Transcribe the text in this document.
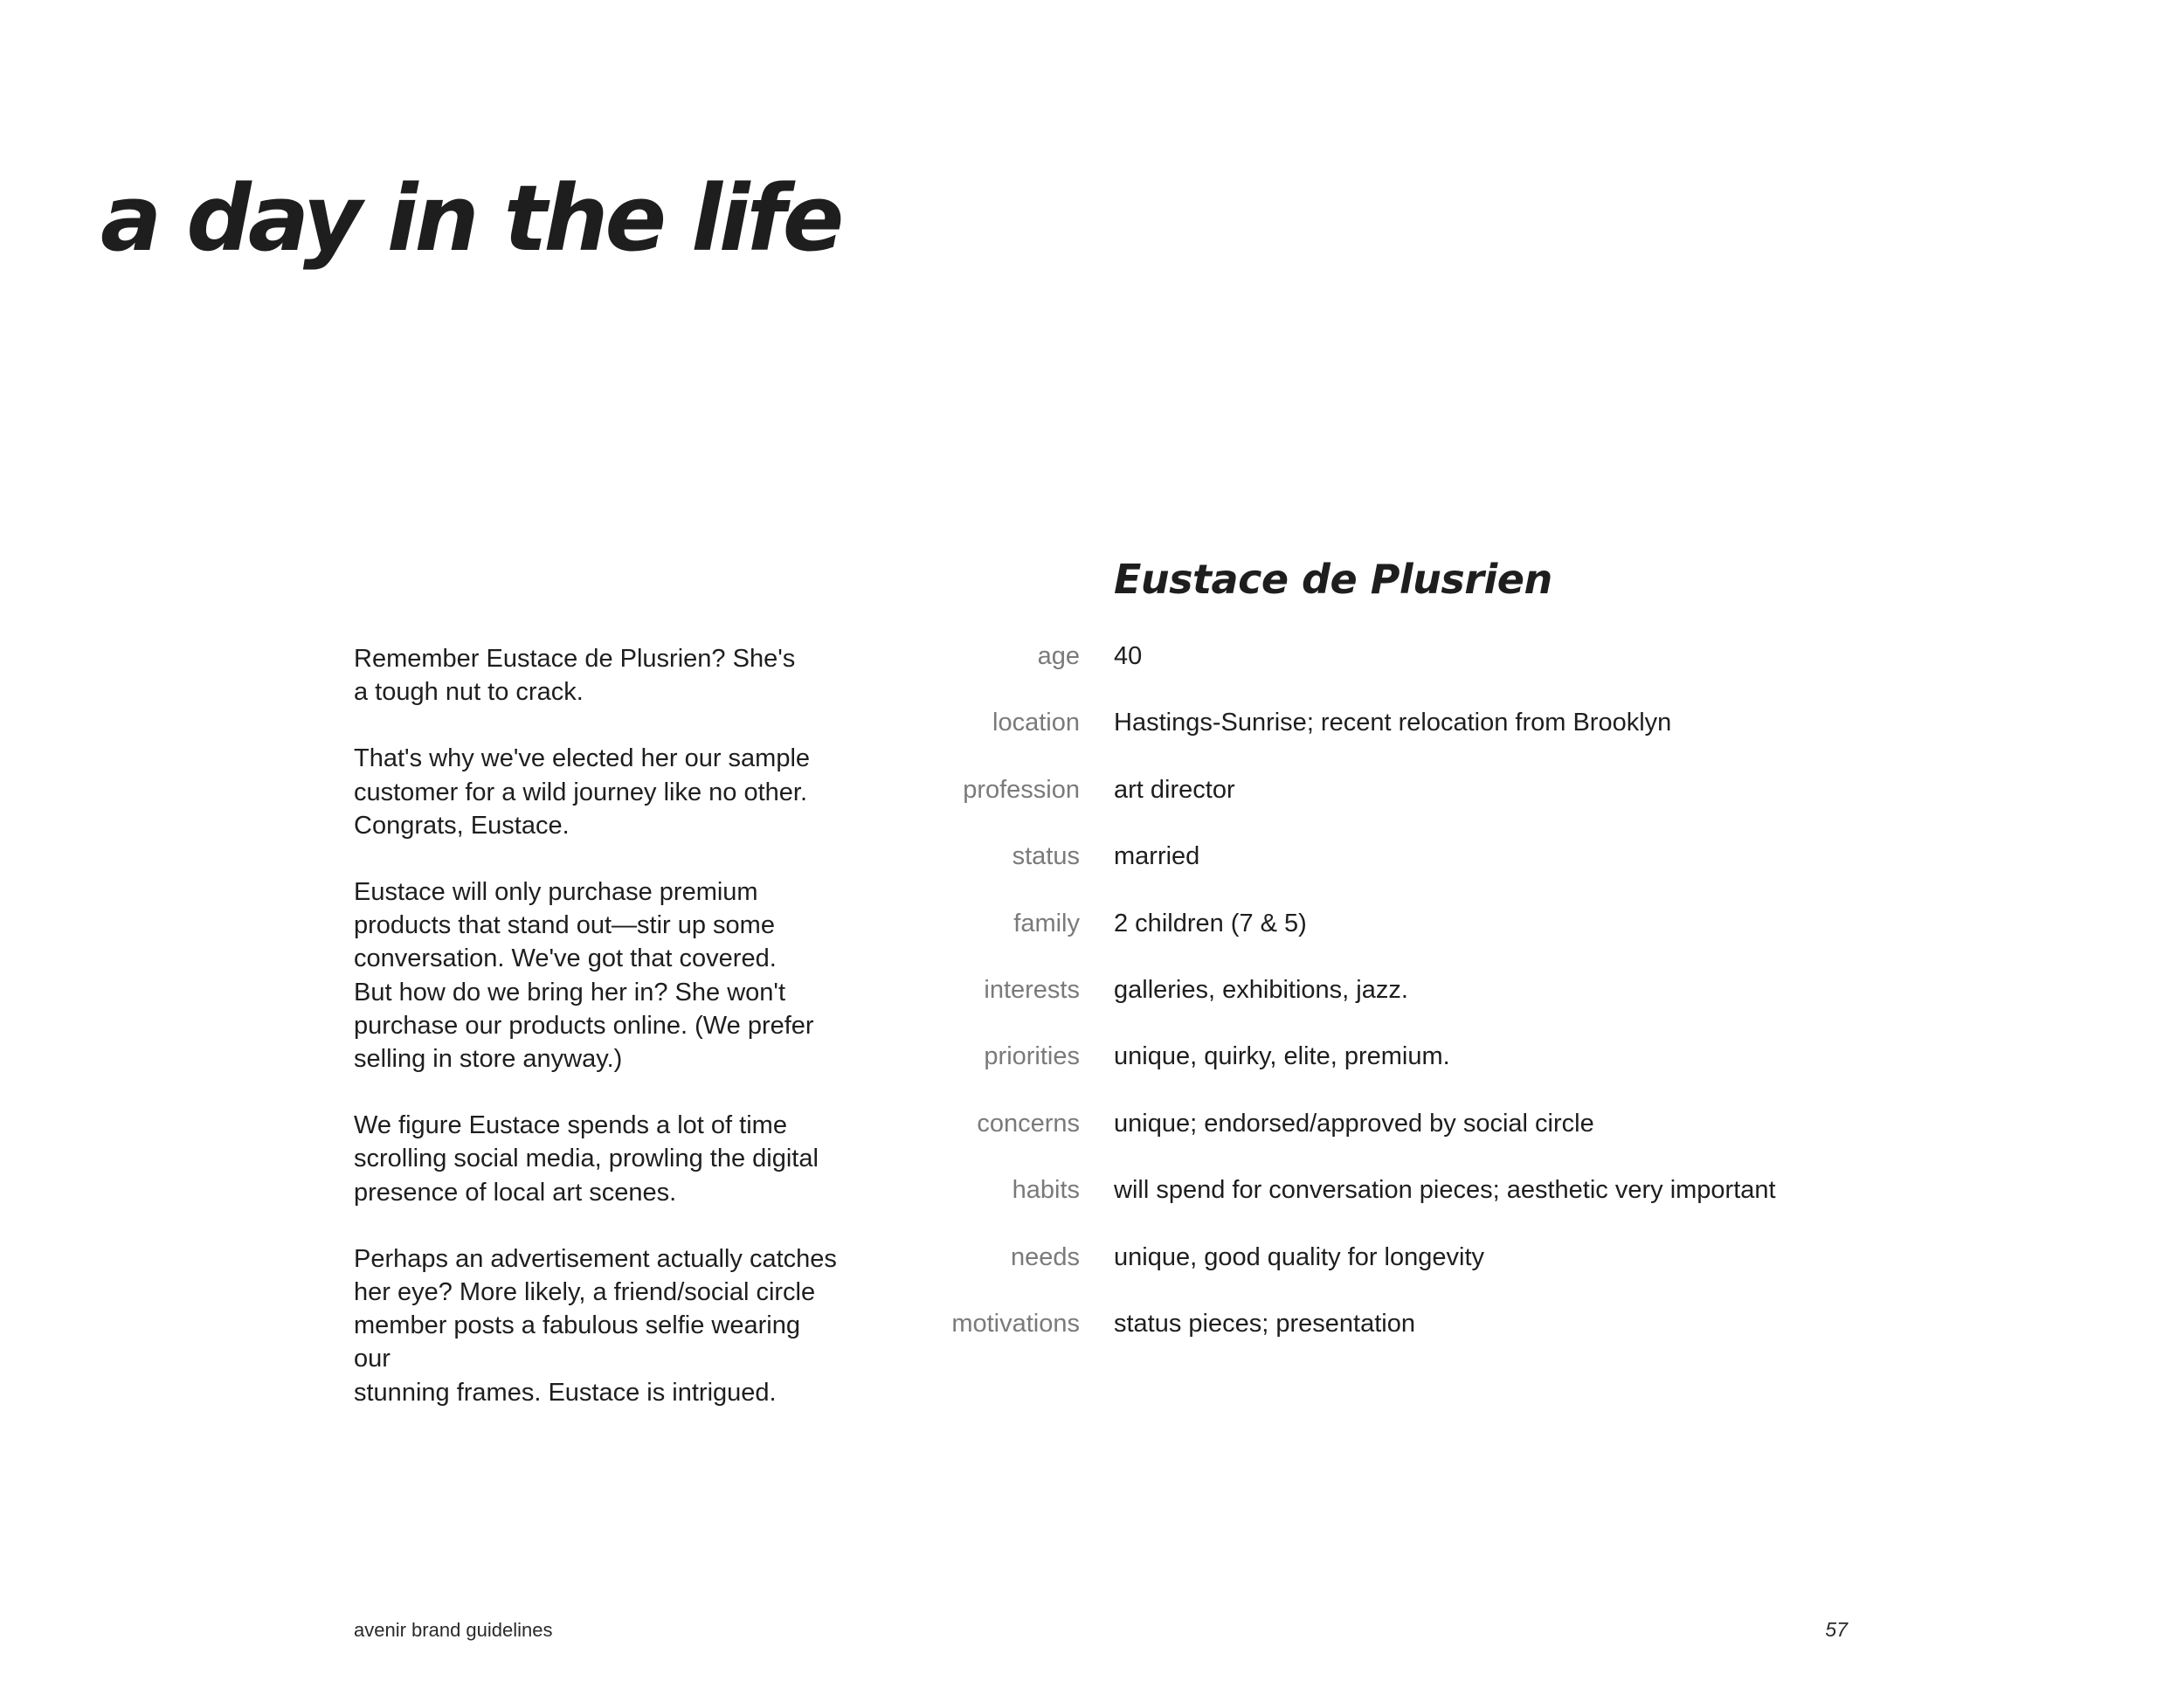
a day in the life

Remember Eustace de Plusrien? She's
a tough nut to crack.

That's why we've elected her our sample
customer for a wild journey like no other.
Congrats, Eustace.

Eustace will only purchase premium
products that stand out—stir up some
conversation. We've got that covered.
But how do we bring her in? She won't
purchase our products online. (We prefer
selling in store anyway.)

We figure Eustace spends a lot of time
scrolling social media, prowling the digital
presence of local art scenes.

Perhaps an advertisement actually catches
her eye? More likely, a friend/social circle
member posts a fabulous selfie wearing our
stunning frames. Eustace is intrigued.

Eustace de Plusrien
age 40
location Hastings-Sunrise; recent relocation from Brooklyn
profession art director
status married
family 2 children (7 & 5)
interests galleries, exhibitions, jazz.
priorities unique, quirky, elite, premium.
concerns unique; endorsed/approved by social circle
habits will spend for conversation pieces; aesthetic very important
needs unique, good quality for longevity
motivations status pieces; presentation
avenir brand guidelines	57
